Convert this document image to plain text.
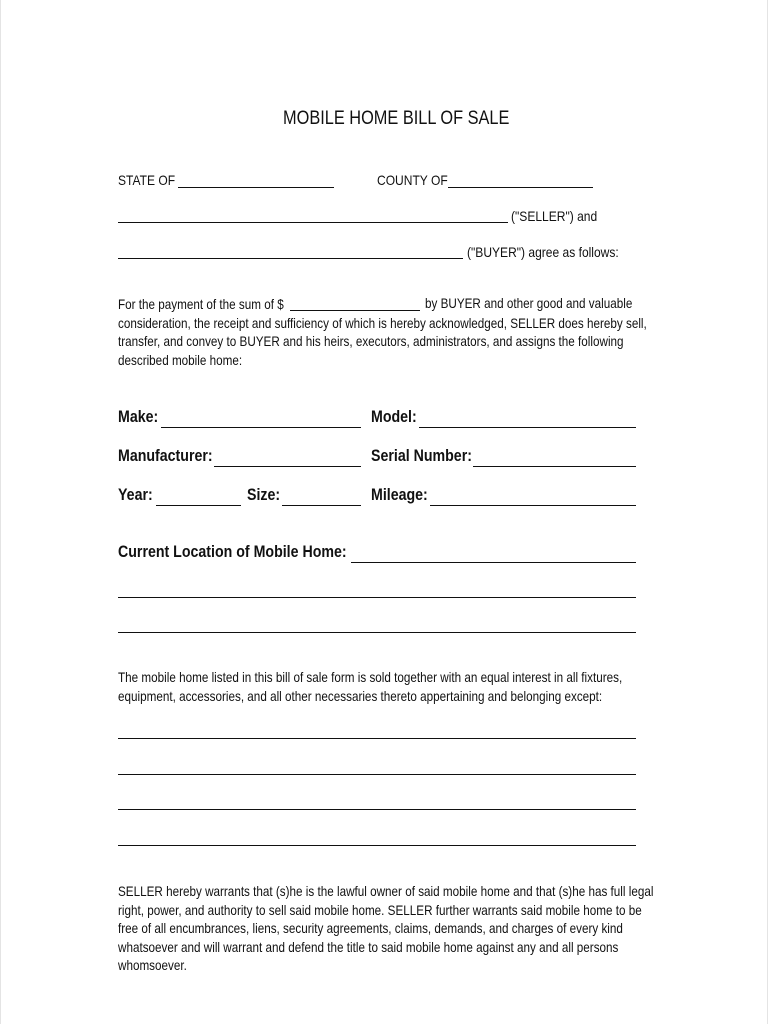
MOBILE HOME BILL OF SALE
STATE OF	COUNTY OF
("SELLER") and
("BUYER") agree as follows:
For the payment of the sum of $
consideration, the receipt and sufficiency of which is hereby acknowledged, SELLER does hereby sell,
transfer, and convey to BUYER and his heirs, executors, administrators, and assigns the following
described mobile home:
by BUYER and other good and valuable
Make:	Model:
Manufacturer:	Serial Number:
Year:	Size:	Mileage:
Current Location of Mobile Home:
The mobile home listed in this bill of sale form is sold together with an equal interest in all fixtures,
equipment, accessories, and all other necessaries thereto appertaining and belonging except:
SELLER hereby warrants that (s)he is the lawful owner of said mobile home and that (s)he has full legal
right, power, and authority to sell said mobile home. SELLER further warrants said mobile home to be
free of all encumbrances, liens, security agreements, claims, demands, and charges of every kind
whatsoever and will warrant and defend the title to said mobile home against any and all persons
whomsoever.
